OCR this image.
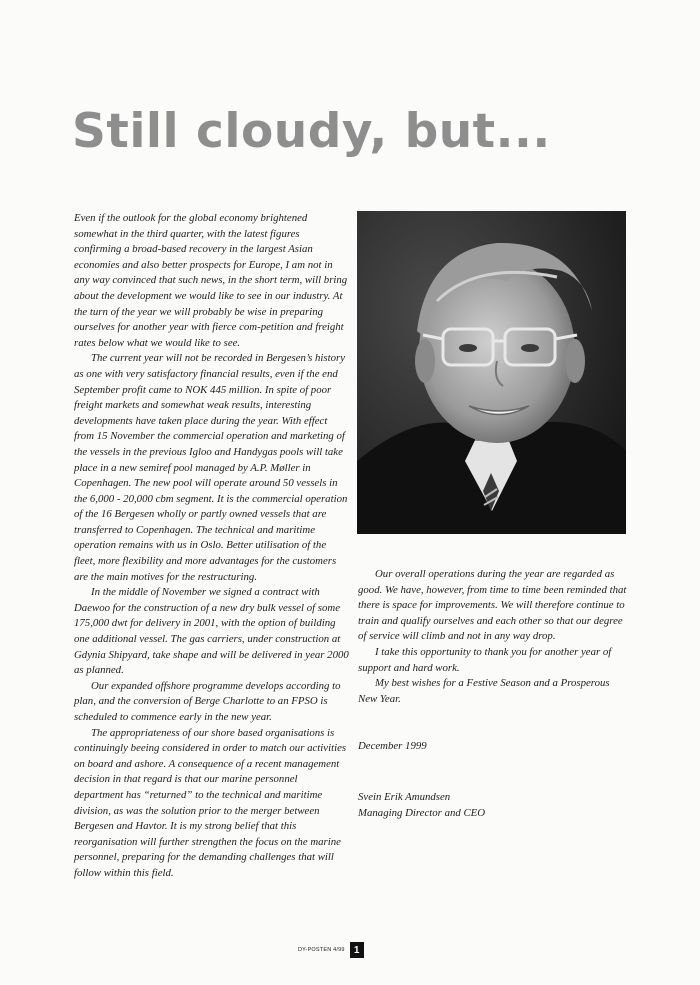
Still cloudy, but...

Even if the outlook for the global economy brightened somewhat in the third quarter, with the latest figures confirming a broad-based recovery in the largest Asian economies and also better prospects for Europe, I am not in any way convinced that such news, in the short term, will bring about the development we would like to see in our industry. At the turn of the year we will probably be wise in preparing ourselves for another year with fierce com-petition and freight rates below what we would like to see.

The current year will not be recorded in Bergesen’s history as one with very satisfactory financial results, even if the end September profit came to NOK 445 million. In spite of poor freight markets and somewhat weak results, interesting developments have taken place during the year. With effect from 15 November the commercial operation and marketing of the vessels in the previous Igloo and Handygas pools will take place in a new semiref pool managed by A.P. Møller in Copenhagen. The new pool will operate around 50 vessels in the 6,000 - 20,000 cbm segment. It is the commercial operation of the 16 Bergesen wholly or partly owned vessels that are transferred to Copenhagen. The technical and maritime operation remains with us in Oslo. Better utilisation of the fleet, more flexibility and more advantages for the customers are the main motives for the restructuring.

In the middle of November we signed a contract with Daewoo for the construction of a new dry bulk vessel of some 175,000 dwt for delivery in 2001, with the option of building one additional vessel. The gas carriers, under construction at Gdynia Shipyard, take shape and will be delivered in year 2000 as planned.

Our expanded offshore programme develops according to plan, and the conversion of Berge Charlotte to an FPSO is scheduled to commence early in the new year.

The appropriateness of our shore based organisations is continuingly beeing considered in order to match our activities on board and ashore. A consequence of a recent management decision in that regard is that our marine personnel department has “returned” to the technical and maritime division, as was the solution prior to the merger between Bergesen and Havtor. It is my strong belief that this reorganisation will further strengthen the focus on the marine personnel, preparing for the demanding challenges that will follow within this field.

Our overall operations during the year are regarded as good. We have, however, from time to time been reminded that there is space for improvements. We will therefore continue to train and qualify ourselves and each other so that our degree of service will climb and not in any way drop.

I take this opportunity to thank you for another year of support and hard work.

My best wishes for a Festive Season and a Prosperous New Year.

December 1999

Svein Erik Amundsen

Managing Director and CEO

DY-POSTEN 4/99 1
